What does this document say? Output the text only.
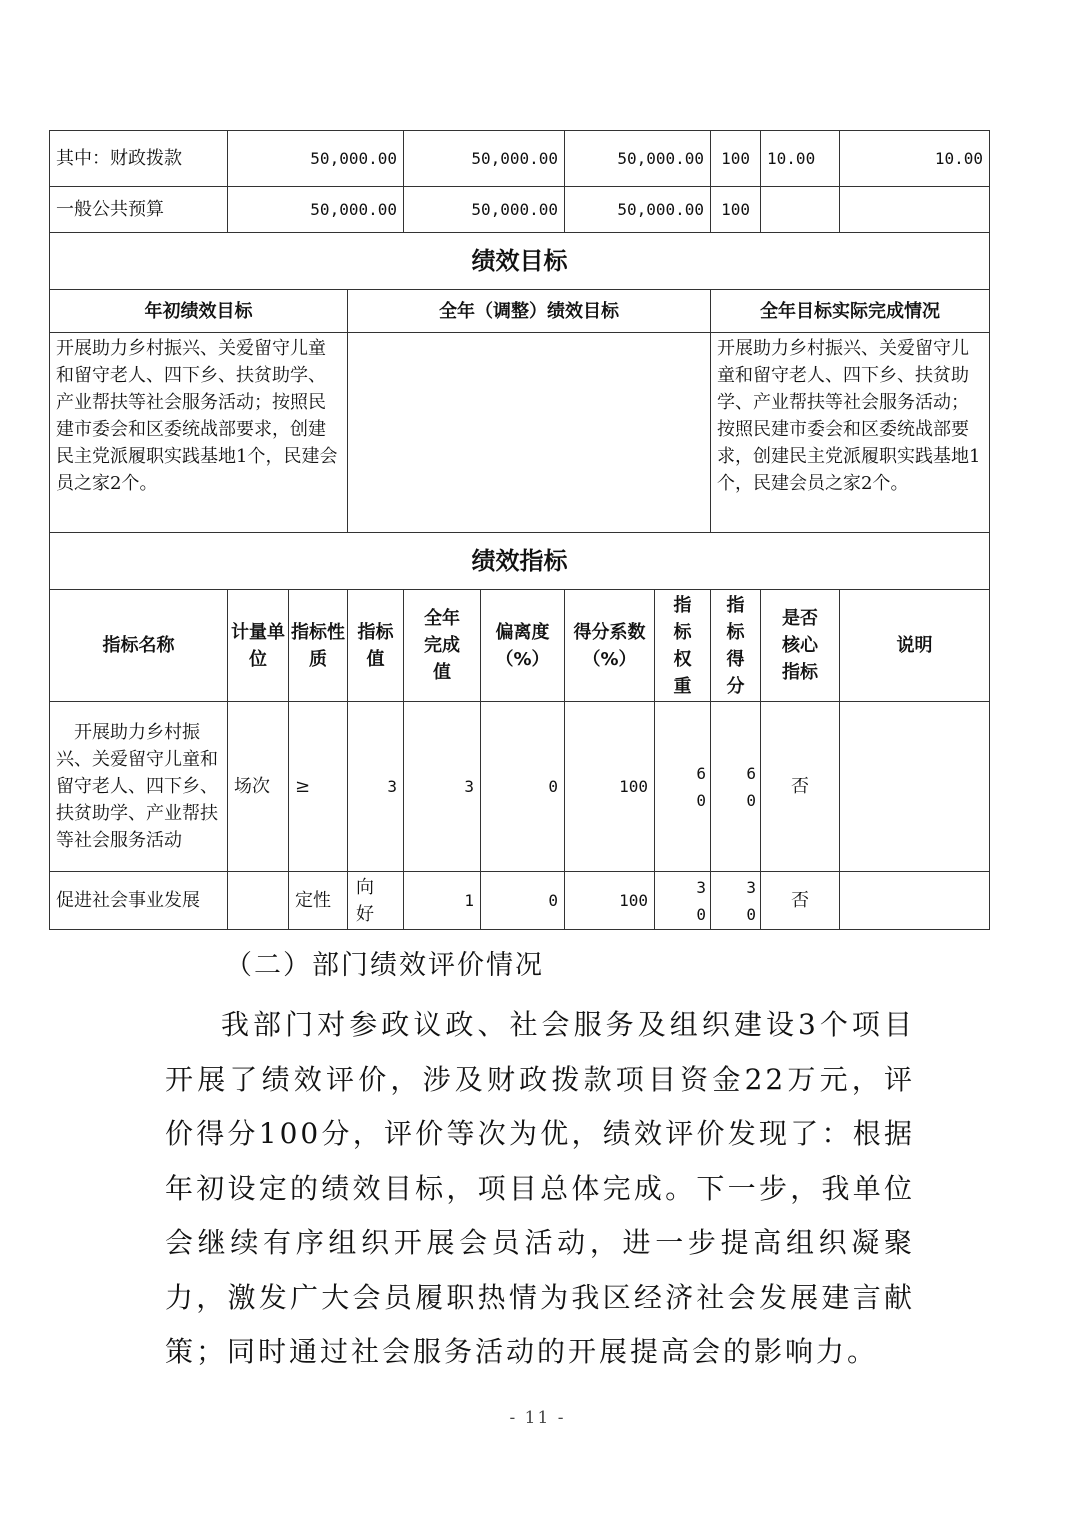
其中：财政拨款	50,000.00			50,000.00		50,000.00		100	10.00	10.00
一般公共预算	50,000.00			50,000.00		50,000.00		100		
绩效目标										
年初绩效目标			全年（调整）绩效目标					全年目标实际完成情况		
开展助力乡村振兴、关爱留守儿童和留守老人、四下乡、扶贫助学、产业帮扶等社会服务活动；按照民建市委会和区委统战部要求，创建民主党派履职实践基地1个，民建会员之家2个。								开展助力乡村振兴、关爱留守儿童和留守老人、四下乡、扶贫助学、产业帮扶等社会服务活动；按照民建市委会和区委统战部要求，创建民主党派履职实践基地1个，民建会员之家2个。		
绩效指标										
指标名称	计量单位	指标性质	指标值	全年完成值	偏离度（%）	得分系数（%）	指标权重	指标得分	是否核心指标	说明
开展助力乡村振兴、关爱留守儿童和留守老人、四下乡、扶贫助学、产业帮扶等社会服务活动	场次	≥	3	3	0	100	60	60	否	
促进社会事业发展		定性	向好	1	0	100	30	30	否	
（二）部门绩效评价情况

我部门对参政议政、社会服务及组织建设3个项目开展了绩效评价，涉及财政拨款项目资金22万元，评价得分100分，评价等次为优，绩效评价发现了：根据年初设定的绩效目标，项目总体完成。下一步，我单位会继续有序组织开展会员活动，进一步提高组织凝聚力，激发广大会员履职热情为我区经济社会发展建言献策；同时通过社会服务活动的开展提高会的影响力。

- 11 -
